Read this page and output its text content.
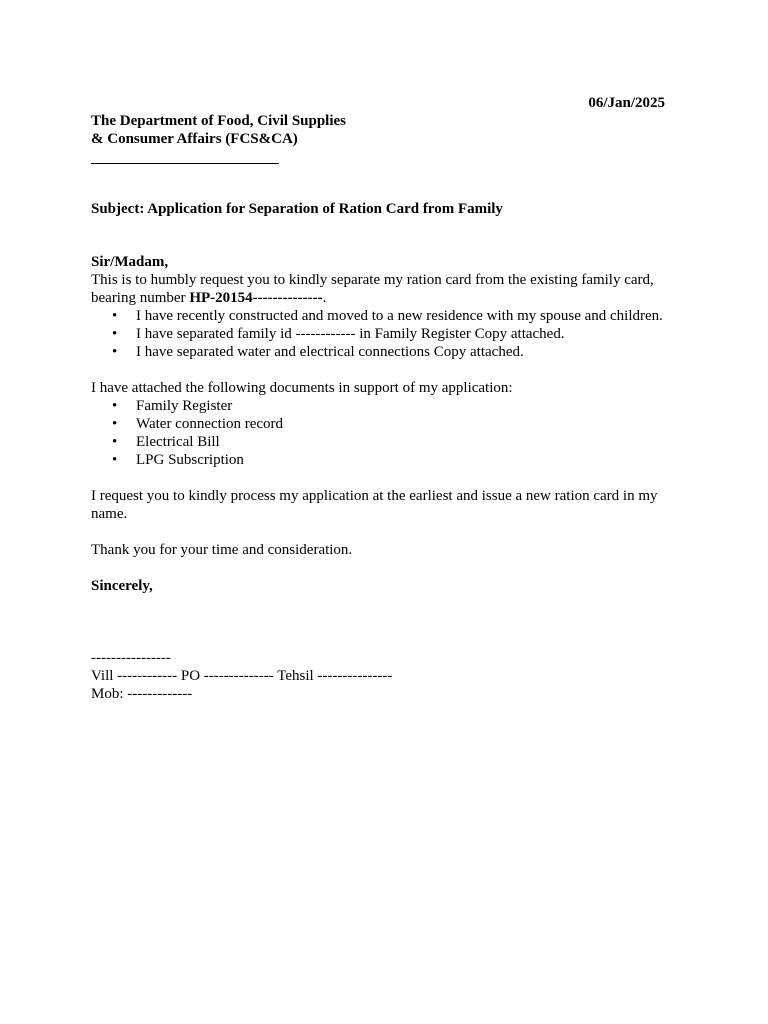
06/Jan/2025
The Department of Food, Civil Supplies
& Consumer Affairs (FCS&CA)
Subject: Application for Separation of Ration Card from Family
Sir/Madam,

This is to humbly request you to kindly separate my ration card from the existing family card, bearing number HP-20154--------------.

• I have recently constructed and moved to a new residence with my spouse and children.
• I have separated family id ------------ in Family Register Copy attached.
• I have separated water and electrical connections Copy attached.

I have attached the following documents in support of my application:

• Family Register
• Water connection record
• Electrical Bill
• LPG Subscription

I request you to kindly process my application at the earliest and issue a new ration card in my name.

Thank you for your time and consideration.

Sincerely,

----------------

Vill ------------ PO -------------- Tehsil ---------------

Mob: -------------
